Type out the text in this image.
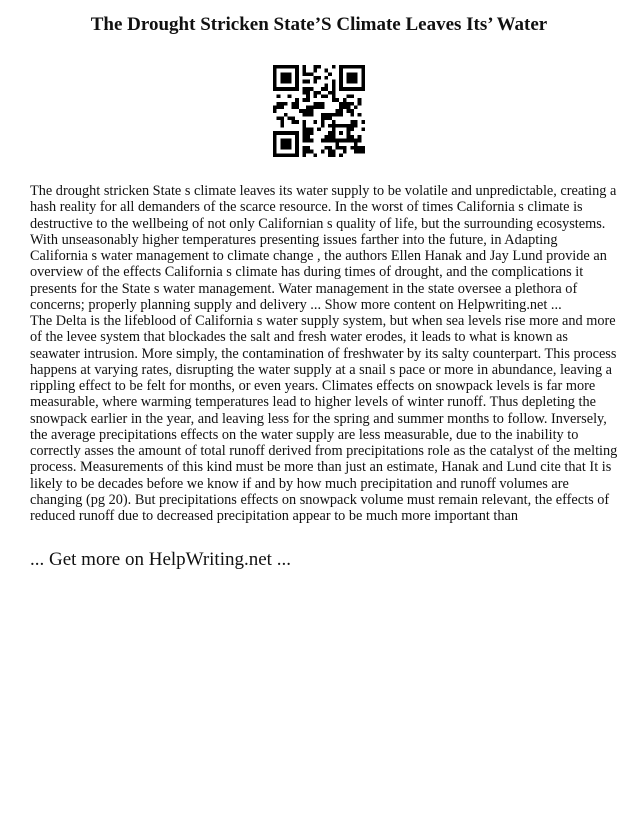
The Drought Stricken State’S Climate Leaves Its’ Water

The drought stricken State s climate leaves its water supply to be volatile and unpredictable, creating a
hash reality for all demanders of the scarce resource. In the worst of times California s climate is
destructive to the wellbeing of not only Californian s quality of life, but the surrounding ecosystems.
With unseasonably higher temperatures presenting issues farther into the future, in Adapting
California s water management to climate change , the authors Ellen Hanak and Jay Lund provide an
overview of the effects California s climate has during times of drought, and the complications it
presents for the State s water management. Water management in the state oversee a plethora of
concerns; properly planning supply and delivery ... Show more content on Helpwriting.net ...
The Delta is the lifeblood of California s water supply system, but when sea levels rise more and more
of the levee system that blockades the salt and fresh water erodes, it leads to what is known as
seawater intrusion. More simply, the contamination of freshwater by its salty counterpart. This process
happens at varying rates, disrupting the water supply at a snail s pace or more in abundance, leaving a
rippling effect to be felt for months, or even years. Climates effects on snowpack levels is far more
measurable, where warming temperatures lead to higher levels of winter runoff. Thus depleting the
snowpack earlier in the year, and leaving less for the spring and summer months to follow. Inversely,
the average precipitations effects on the water supply are less measurable, due to the inability to
correctly asses the amount of total runoff derived from precipitations role as the catalyst of the melting
process. Measurements of this kind must be more than just an estimate, Hanak and Lund cite that It is
likely to be decades before we know if and by how much precipitation and runoff volumes are
changing (pg 20). But precipitations effects on snowpack volume must remain relevant, the effects of
reduced runoff due to decreased precipitation appear to be much more important than

... Get more on HelpWriting.net ...
